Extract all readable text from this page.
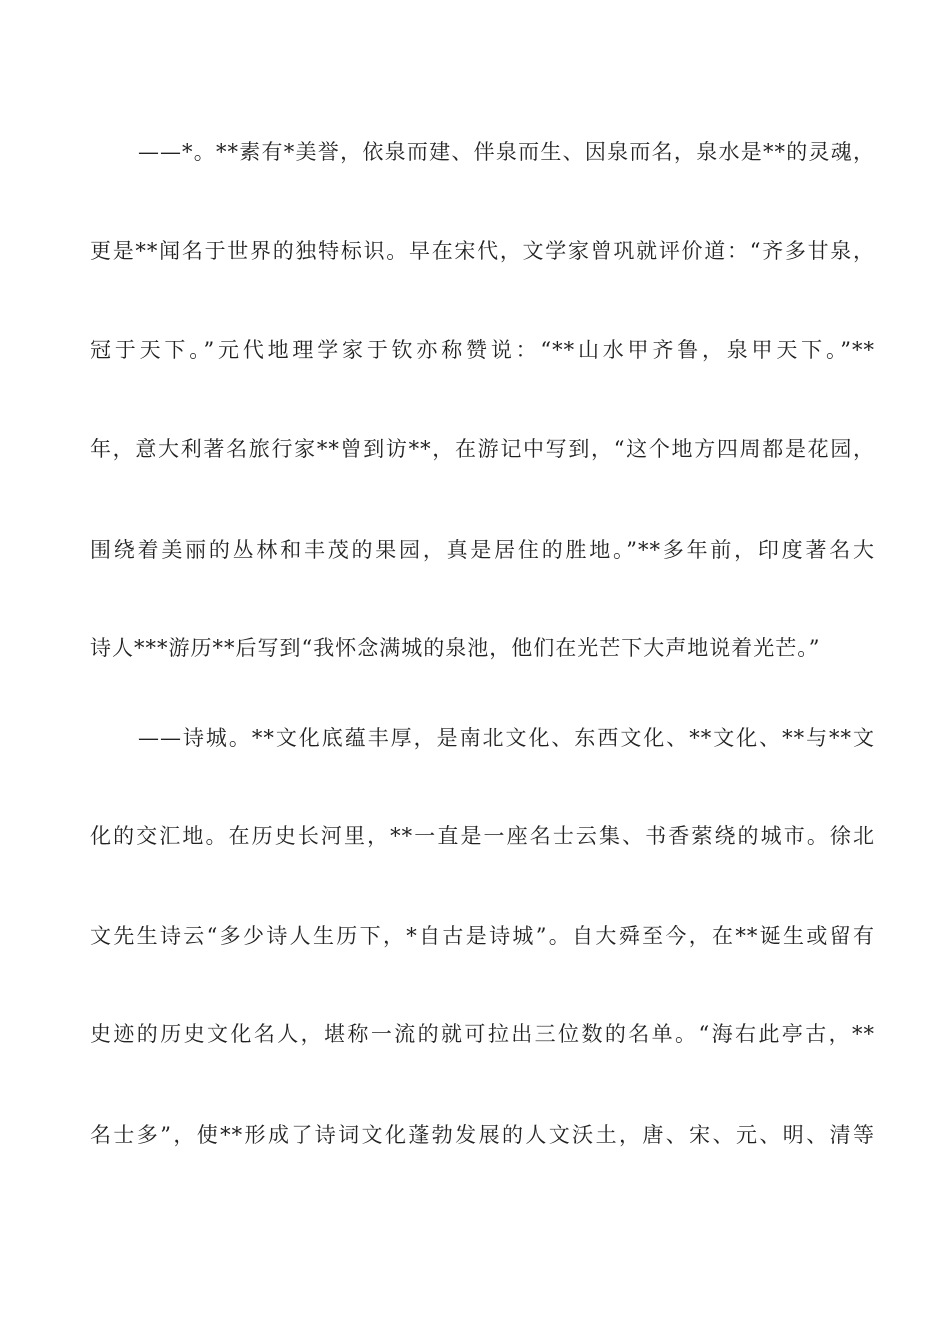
——*。**素有*美誉，依泉而建、伴泉而生、因泉而名，泉水是**的灵魂，
更是**闻名于世界的独特标识。早在宋代，文学家曾巩就评价道：“齐多甘泉，
冠于天下。”元代地理学家于钦亦称赞说：“**山水甲齐鲁，泉甲天下。”**
年，意大利著名旅行家**曾到访**，在游记中写到，“这个地方四周都是花园，
围绕着美丽的丛林和丰茂的果园，真是居住的胜地。”**多年前，印度著名大
诗人***游历**后写到“我怀念满城的泉池，他们在光芒下大声地说着光芒。”
——诗城。**文化底蕴丰厚，是南北文化、东西文化、**文化、**与**文
化的交汇地。在历史长河里，**一直是一座名士云集、书香萦绕的城市。徐北
文先生诗云“多少诗人生历下，*自古是诗城”。自大舜至今，在**诞生或留有
史迹的历史文化名人，堪称一流的就可拉出三位数的名单。“海右此亭古，**
名士多”，使**形成了诗词文化蓬勃发展的人文沃土，唐、宋、元、明、清等
